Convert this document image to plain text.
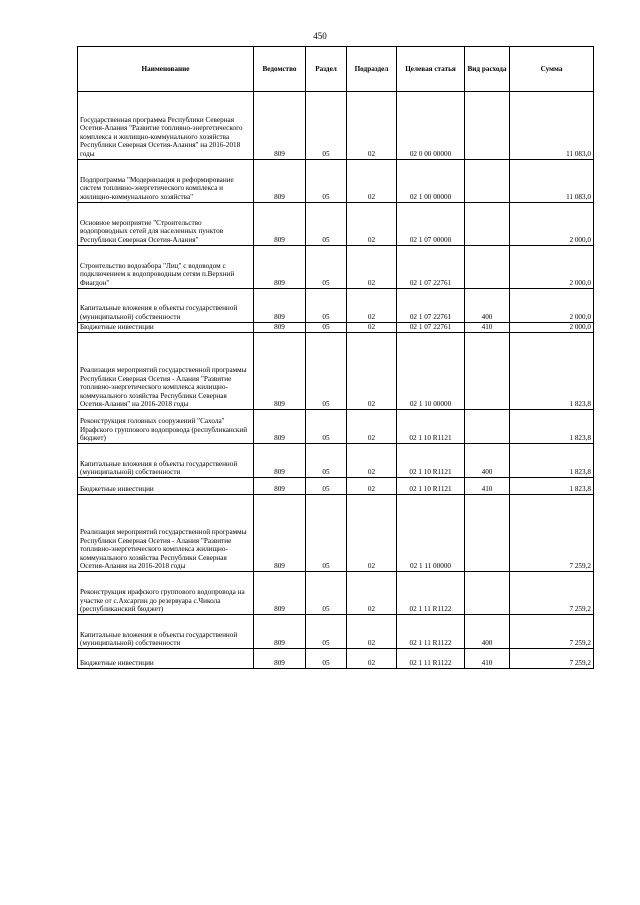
450
Наименование	Ведомство	Раздел	Подраздел	Целевая статья	Вид расхода	Сумма
Государственная программа Республики Северная Осетия-Алания "Развитие топливно-энергетического комплекса и жилищно-коммунального хозяйства Республики Северная Осетия-Алания" на 2016-2018 годы	809	05	02	02 0 00 00000		11 083,0
Подпрограмма "Модернизация и реформирование систем топливно-энергетического комплекса и жилищно-коммунального хозяйства"	809	05	02	02 1 00 00000		11 083,0
Основное мероприятие "Строительство водопроводных сетей для населенных пунктов Республики Северная Осетия-Алания"	809	05	02	02 1 07 00000		2 000,0
Строительство водозабора "Лиц" с водоводом с подключением к водопроводным сетям п.Верхний Фиагдон"	809	05	02	02 1 07 22761		2 000,0
Капитальные вложения в объекты государственной (муниципальной) собственности	809	05	02	02 1 07 22761	400	2 000,0
Бюджетные инвестиции	809	05	02	02 1 07 22761	410	2 000,0
Реализация мероприятий государственной программы Республики Северная Осетия - Алания "Развитие топливно-энергетического комплекса жилищно-коммунального хозяйства Республики Северная Осетия-Алания" на 2016-2018 годы	809	05	02	02 1 10 00000		1 823,8
Реконструкция головных сооружений "Сахола" Ирафского группового водопровода (республиканский бюджет)	809	05	02	02 1 10 R1121		1 823,8
Капитальные вложения в объекты государственной (муниципальной) собственности	809	05	02	02 1 10 R1121	400	1 823,8
Бюджетные инвестиции	809	05	02	02 1 10 R1121	410	1 823,8
Реализация мероприятий государственной программы Республики Северная Осетия - Алания "Развитие топливно-энергетического комплекса жилищно-коммунального хозяйства Республики Северная Осетия-Алания на 2016-2018 годы	809	05	02	02 1 11 00000		7 259,2
Реконструкция ирафского группового водопровода на участке от с.Ахсаргин до резервуара с.Чикола (республиканский бюджет)	809	05	02	02 1 11 R1122		7 259,2
Капитальные вложения в объекты государственной (муниципальной) собственности	809	05	02	02 1 11 R1122	400	7 259,2
Бюджетные инвестиции	809	05	02	02 1 11 R1122	410	7 259,2
